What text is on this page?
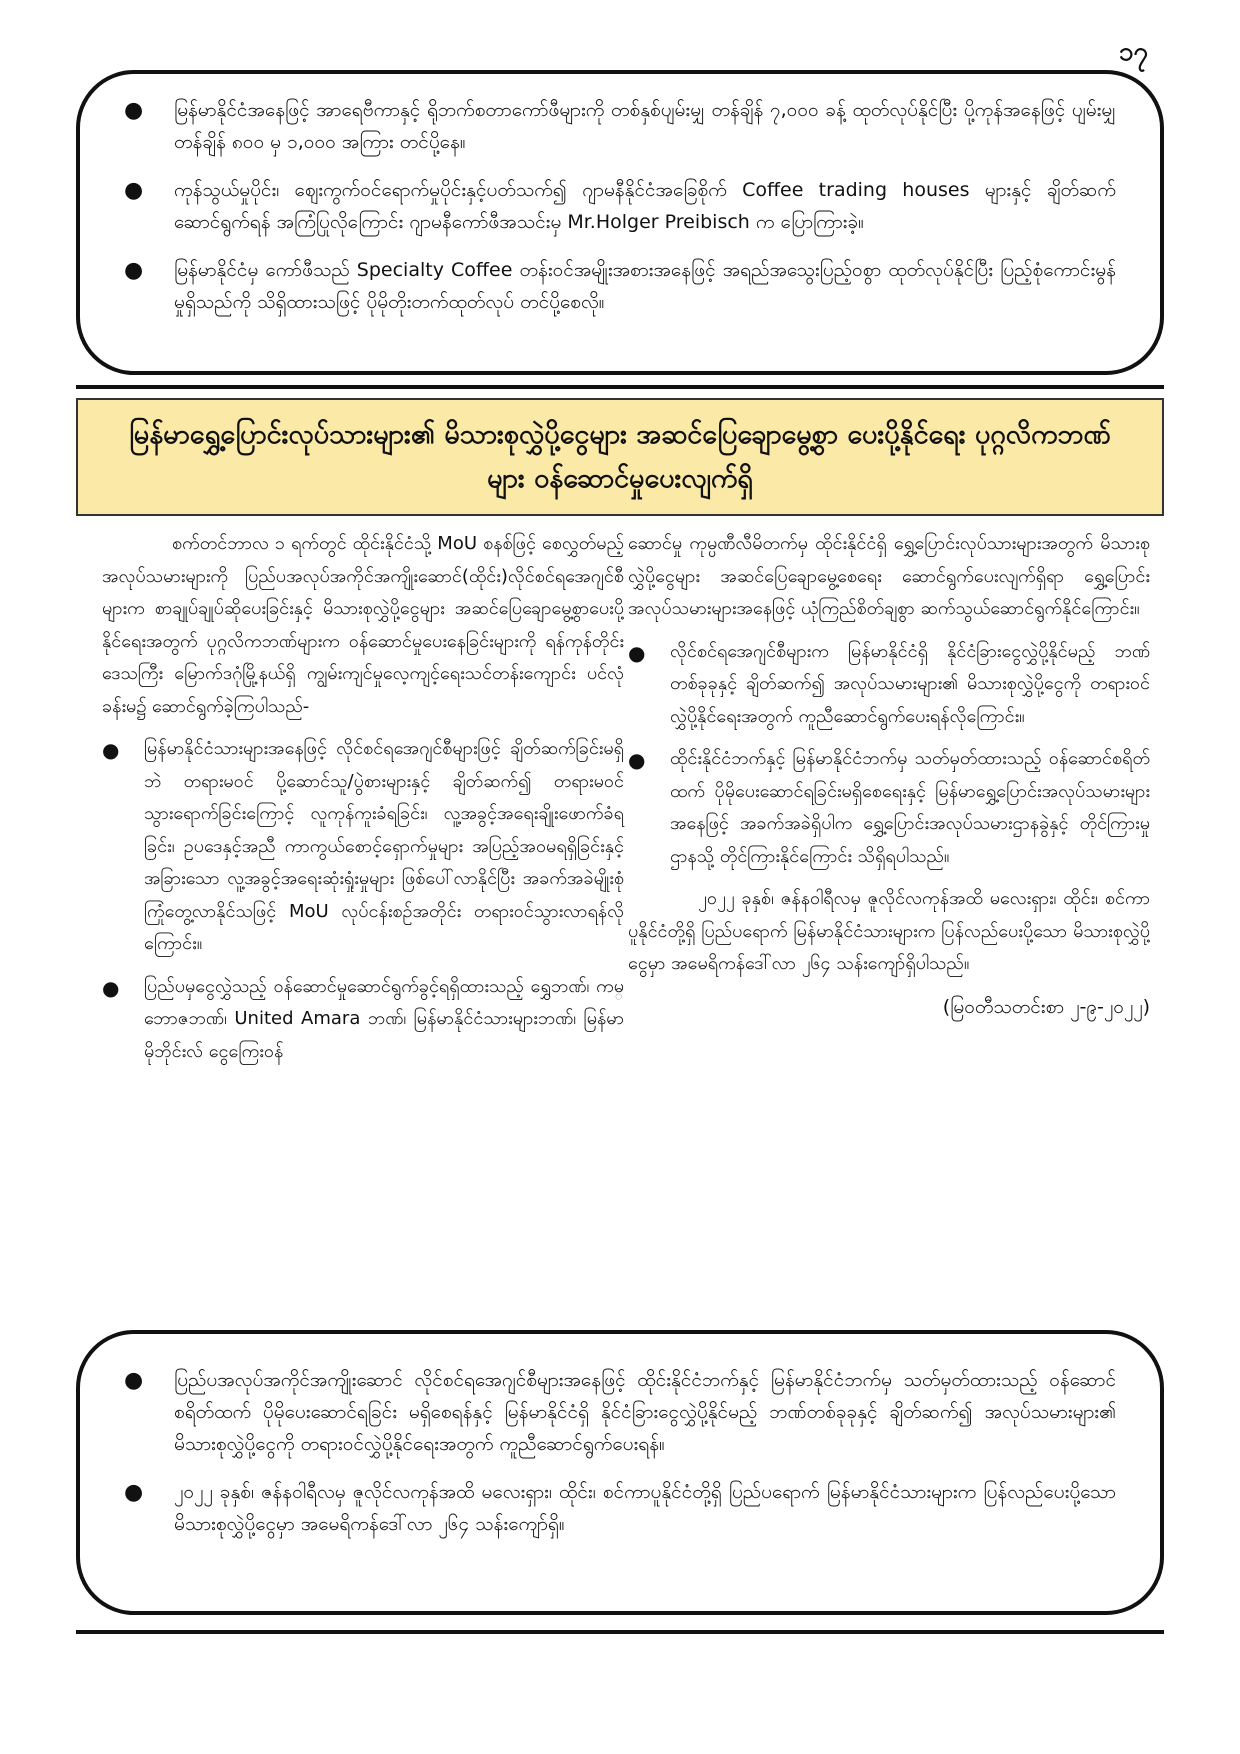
၁၇
● မြန်မာနိုင်ငံအနေဖြင့် အာရေဗီကာနှင့် ရိုဘက်စတာကော်ဖီများကို တစ်နှစ်ပျမ်းမျှ တန်ချိန် ၇,၀၀၀ ခန့် ထုတ်လုပ်နိုင်ပြီး ပို့ကုန်အနေဖြင့် ပျမ်းမျှတန်ချိန် ၈၀၀ မှ ၁,၀၀၀ အကြား တင်ပို့နေ။
● ကုန်သွယ်မှုပိုင်း၊ ဈေးကွက်ဝင်ရောက်မှုပိုင်းနှင့်ပတ်သက်၍ ဂျာမနီနိုင်ငံအခြေစိုက် Coffee trading houses များနှင့် ချိတ်ဆက်ဆောင်ရွက်ရန် အကြံပြုလိုကြောင်း ဂျာမနီကော်ဖီအသင်းမှ Mr.Holger Preibisch က ပြောကြားခဲ့။
● မြန်မာနိုင်ငံမှ ကော်ဖီသည် Specialty Coffee တန်းဝင်အမျိုးအစားအနေဖြင့် အရည်အသွေးပြည့်ဝစွာ ထုတ်လုပ်နိုင်ပြီး ပြည့်စုံကောင်းမွန်မှုရှိသည်ကို သိရှိထားသဖြင့် ပိုမိုတိုးတက်ထုတ်လုပ် တင်ပို့စေလို။
မြန်မာရွှေ့ပြောင်းလုပ်သားများ၏ မိသားစုလွှဲပို့ငွေများ အဆင်ပြေချောမွေ့စွာ ပေးပို့နိုင်ရေး ပုဂ္ဂလိကဘဏ်များ ဝန်ဆောင်မှုပေးလျက်ရှိ

စက်တင်ဘာလ ၁ ရက်တွင် ထိုင်းနိုင်ငံသို့ MoU စနစ်ဖြင့် စေလွှတ်မည့် အလုပ်သမားများကို ပြည်ပအလုပ်အကိုင်အကျိုးဆောင်(ထိုင်း)လိုင်စင်ရအေဂျင်စီများက စာချုပ်ချုပ်ဆိုပေးခြင်းနှင့် မိသားစုလွှဲပို့ငွေများ အဆင်ပြေချောမွေ့စွာပေးပို့နိုင်ရေးအတွက် ပုဂ္ဂလိကဘဏ်များက ဝန်ဆောင်မှုပေးနေခြင်းများကို ရန်ကုန်တိုင်းဒေသကြီး မြောက်ဒဂုံမြို့နယ်ရှိ ကျွမ်းကျင်မှုလေ့ကျင့်ရေးသင်တန်းကျောင်း ပင်လုံခန်းမ၌ ဆောင်ရွက်ခဲ့ကြပါသည်-

● မြန်မာနိုင်ငံသားများအနေဖြင့် လိုင်စင်ရအေဂျင်စီများဖြင့် ချိတ်ဆက်ခြင်းမရှိဘဲ တရားမဝင် ပို့ဆောင်သူ/ပွဲစားများနှင့် ချိတ်ဆက်၍ တရားမဝင်သွားရောက်ခြင်းကြောင့် လူကုန်ကူးခံရခြင်း၊ လူ့အခွင့်အရေးချိုးဖောက်ခံရခြင်း၊ ဥပဒေနှင့်အညီ ကာကွယ်စောင့်ရှောက်မှုများ အပြည့်အဝမရရှိခြင်းနှင့် အခြားသော လူ့အခွင့်အရေးဆုံးရှုံးမှုများ ဖြစ်ပေါ်လာနိုင်ပြီး အခက်အခဲမျိုးစုံ ကြုံတွေ့လာနိုင်သဖြင့် MoU လုပ်ငန်းစဉ်အတိုင်း တရားဝင်သွားလာရန်လိုကြောင်း။
● ပြည်ပမှငွေလွှဲသည့် ဝန်ဆောင်မှုဆောင်ရွက်ခွင့်ရရှိထားသည့် ရွှေဘဏ်၊ ကမ္ဘောဇဘဏ်၊ United Amara ဘဏ်၊ မြန်မာနိုင်ငံသားများဘဏ်၊ မြန်မာမိုဘိုင်းလ် ငွေကြေးဝန်

ဆောင်မှု ကုမ္ပဏီလီမိတက်မှ ထိုင်းနိုင်ငံရှိ ရွှေ့ပြောင်းလုပ်သားများအတွက် မိသားစုလွှဲပို့ငွေများ အဆင်ပြေချောမွေ့စေရေး ဆောင်ရွက်ပေးလျက်ရှိရာ ရွှေ့ပြောင်းအလုပ်သမားများအနေဖြင့် ယုံကြည်စိတ်ချစွာ ဆက်သွယ်ဆောင်ရွက်နိုင်ကြောင်း။

● လိုင်စင်ရအေဂျင်စီများက မြန်မာနိုင်ငံရှိ နိုင်ငံခြားငွေလွှဲပို့နိုင်မည့် ဘဏ်တစ်ခုခုနှင့် ချိတ်ဆက်၍ အလုပ်သမားများ၏ မိသားစုလွှဲပို့ငွေကို တရားဝင်လွှဲပို့နိုင်ရေးအတွက် ကူညီဆောင်ရွက်ပေးရန်လိုကြောင်း။
● ထိုင်းနိုင်ငံဘက်နှင့် မြန်မာနိုင်ငံဘက်မှ သတ်မှတ်ထားသည့် ဝန်ဆောင်စရိတ်ထက် ပိုမိုပေးဆောင်ရခြင်းမရှိစေရေးနှင့် မြန်မာရွှေ့ပြောင်းအလုပ်သမားများအနေဖြင့် အခက်အခဲရှိပါက ရွှေ့ပြောင်းအလုပ်သမားဌာနခွဲနှင့် တိုင်ကြားမှုဌာနသို့ တိုင်ကြားနိုင်ကြောင်း သိရှိရပါသည်။

၂၀၂၂ ခုနှစ်၊ ဇန်နဝါရီလမှ ဇူလိုင်လကုန်အထိ မလေးရှား၊ ထိုင်း၊ စင်ကာပူနိုင်ငံတို့ရှိ ပြည်ပရောက် မြန်မာနိုင်ငံသားများက ပြန်လည်ပေးပို့သော မိသားစုလွှဲပို့ငွေမှာ အမေရိကန်ဒေါ်လာ ၂၆၄ သန်းကျော်ရှိပါသည်။

(မြဝတီသတင်းစာ ၂-၉-၂၀၂၂)
● ပြည်ပအလုပ်အကိုင်အကျိုးဆောင် လိုင်စင်ရအေဂျင်စီများအနေဖြင့် ထိုင်းနိုင်ငံဘက်နှင့် မြန်မာနိုင်ငံဘက်မှ သတ်မှတ်ထားသည့် ဝန်ဆောင်စရိတ်ထက် ပိုမိုပေးဆောင်ရခြင်း မရှိစေရန်နှင့် မြန်မာနိုင်ငံရှိ နိုင်ငံခြားငွေလွှဲပို့နိုင်မည့် ဘဏ်တစ်ခုခုနှင့် ချိတ်ဆက်၍ အလုပ်သမားများ၏ မိသားစုလွှဲပို့ငွေကို တရားဝင်လွှဲပို့နိုင်ရေးအတွက် ကူညီဆောင်ရွက်ပေးရန်။
● ၂၀၂၂ ခုနှစ်၊ ဇန်နဝါရီလမှ ဇူလိုင်လကုန်အထိ မလေးရှား၊ ထိုင်း၊ စင်ကာပူနိုင်ငံတို့ရှိ ပြည်ပရောက် မြန်မာနိုင်ငံသားများက ပြန်လည်ပေးပို့သော မိသားစုလွှဲပို့ငွေမှာ အမေရိကန်ဒေါ်လာ ၂၆၄ သန်းကျော်ရှိ။
